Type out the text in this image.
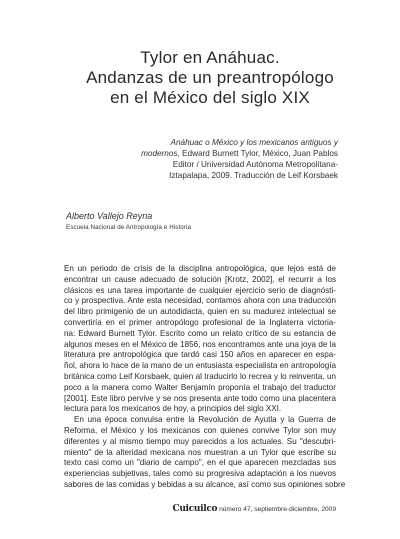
Tylor en Anáhuac.
Andanzas de un preantropólogo
en el México del siglo XIX
Anáhuac o México y los mexicanos antiguos y
modernos, Edward Burnett Tylor, México, Juan Pablos
Editor / Universidad Autónoma Metropolitana-
Iztapalapa, 2009. Traducción de Leif Korsbaek
Alberto Vallejo Reyna
Escuela Nacional de Antropología e Historia

En un periodo de crisis de la disciplina antropológica, que lejos está de
encontrar un cause adecuado de solución [Krotz, 2002], el recurrir a los
clásicos es una tarea importante de cualquier ejercicio serio de diagnósti-
co y prospectiva. Ante esta necesidad, contamos ahora con una traducción
del libro primigenio de un autodidacta, quien en su madurez intelectual se
convertiría en el primer antropólogo profesional de la Inglaterra victoria-
na: Edward Burnett Tylor. Escrito como un relato crítico de su estancia de
algunos meses en el México de 1856, nos encontramos ante una joya de la
literatura pre antropológica que tardó casi 150 años en aparecer en espa-
ñol, ahora lo hace de la mano de un entusiasta especialista en antropología
británica como Leif Korsbaek, quien al traducirlo lo recrea y lo reinventa, un
poco a la manera como Walter Benjamín proponía el trabajo del traductor
[2001]. Este libro pervive y se nos presenta ante todo como una placentera
lectura para los mexicanos de hoy, a principios del siglo XXI.

En una época convulsa entre la Revolución de Ayutla y la Guerra de
Reforma, el México y los mexicanos con quienes convive Tylor son muy
diferentes y al mismo tiempo muy parecidos a los actuales. Su "descubri-
miento" de la alteridad mexicana nos muestran a un Tylor que escribe su
texto casi como un "diario de campo", en el que aparecen mezcladas sus
experiencias subjetivas, tales como su progresiva adaptación a los nuevos
sabores de las comidas y bebidas a su alcance, así como sus opiniones sobre

Cuicuilco número 47, septiembre-diciembre, 2009
